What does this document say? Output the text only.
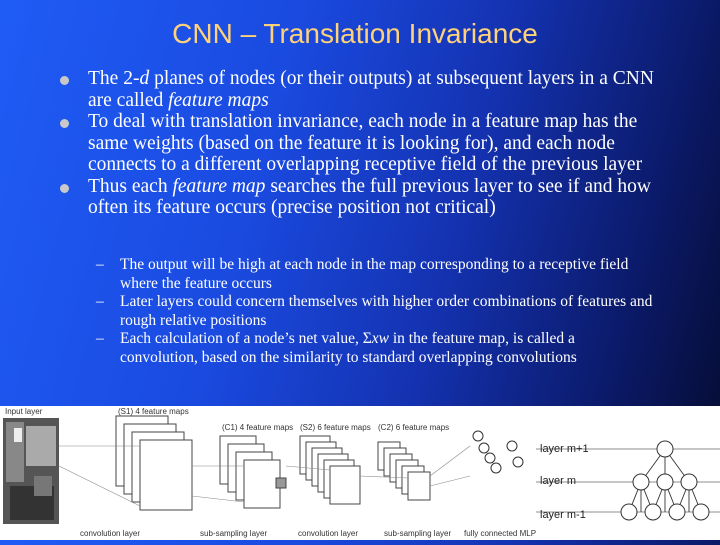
CNN – Translation Invariance
The 2-d planes of nodes (or their outputs) at subsequent layers in a CNN are called feature maps
To deal with translation invariance, each node in a feature map has the same weights (based on the feature it is looking for), and each node connects to a different overlapping receptive field of the previous layer
Thus each feature map searches the full previous layer to see if and how often its feature occurs (precise position not critical)
– The output will be high at each node in the map corresponding to a receptive field where the feature occurs
– Later layers could concern themselves with higher order combinations of features and rough relative positions
– Each calculation of a node’s net value, Σxw in the feature map, is called a convolution, based on the similarity to standard overlapping convolutions
layer m+1
layer m
layer m-1
Input layer	(S1) 4 feature maps
(C1) 4 feature maps (S2) 6 feature maps (C2) 6 feature maps
convolution layer	sub-sampling layer	convolution layer	sub-sampling layer fully connected MLP
